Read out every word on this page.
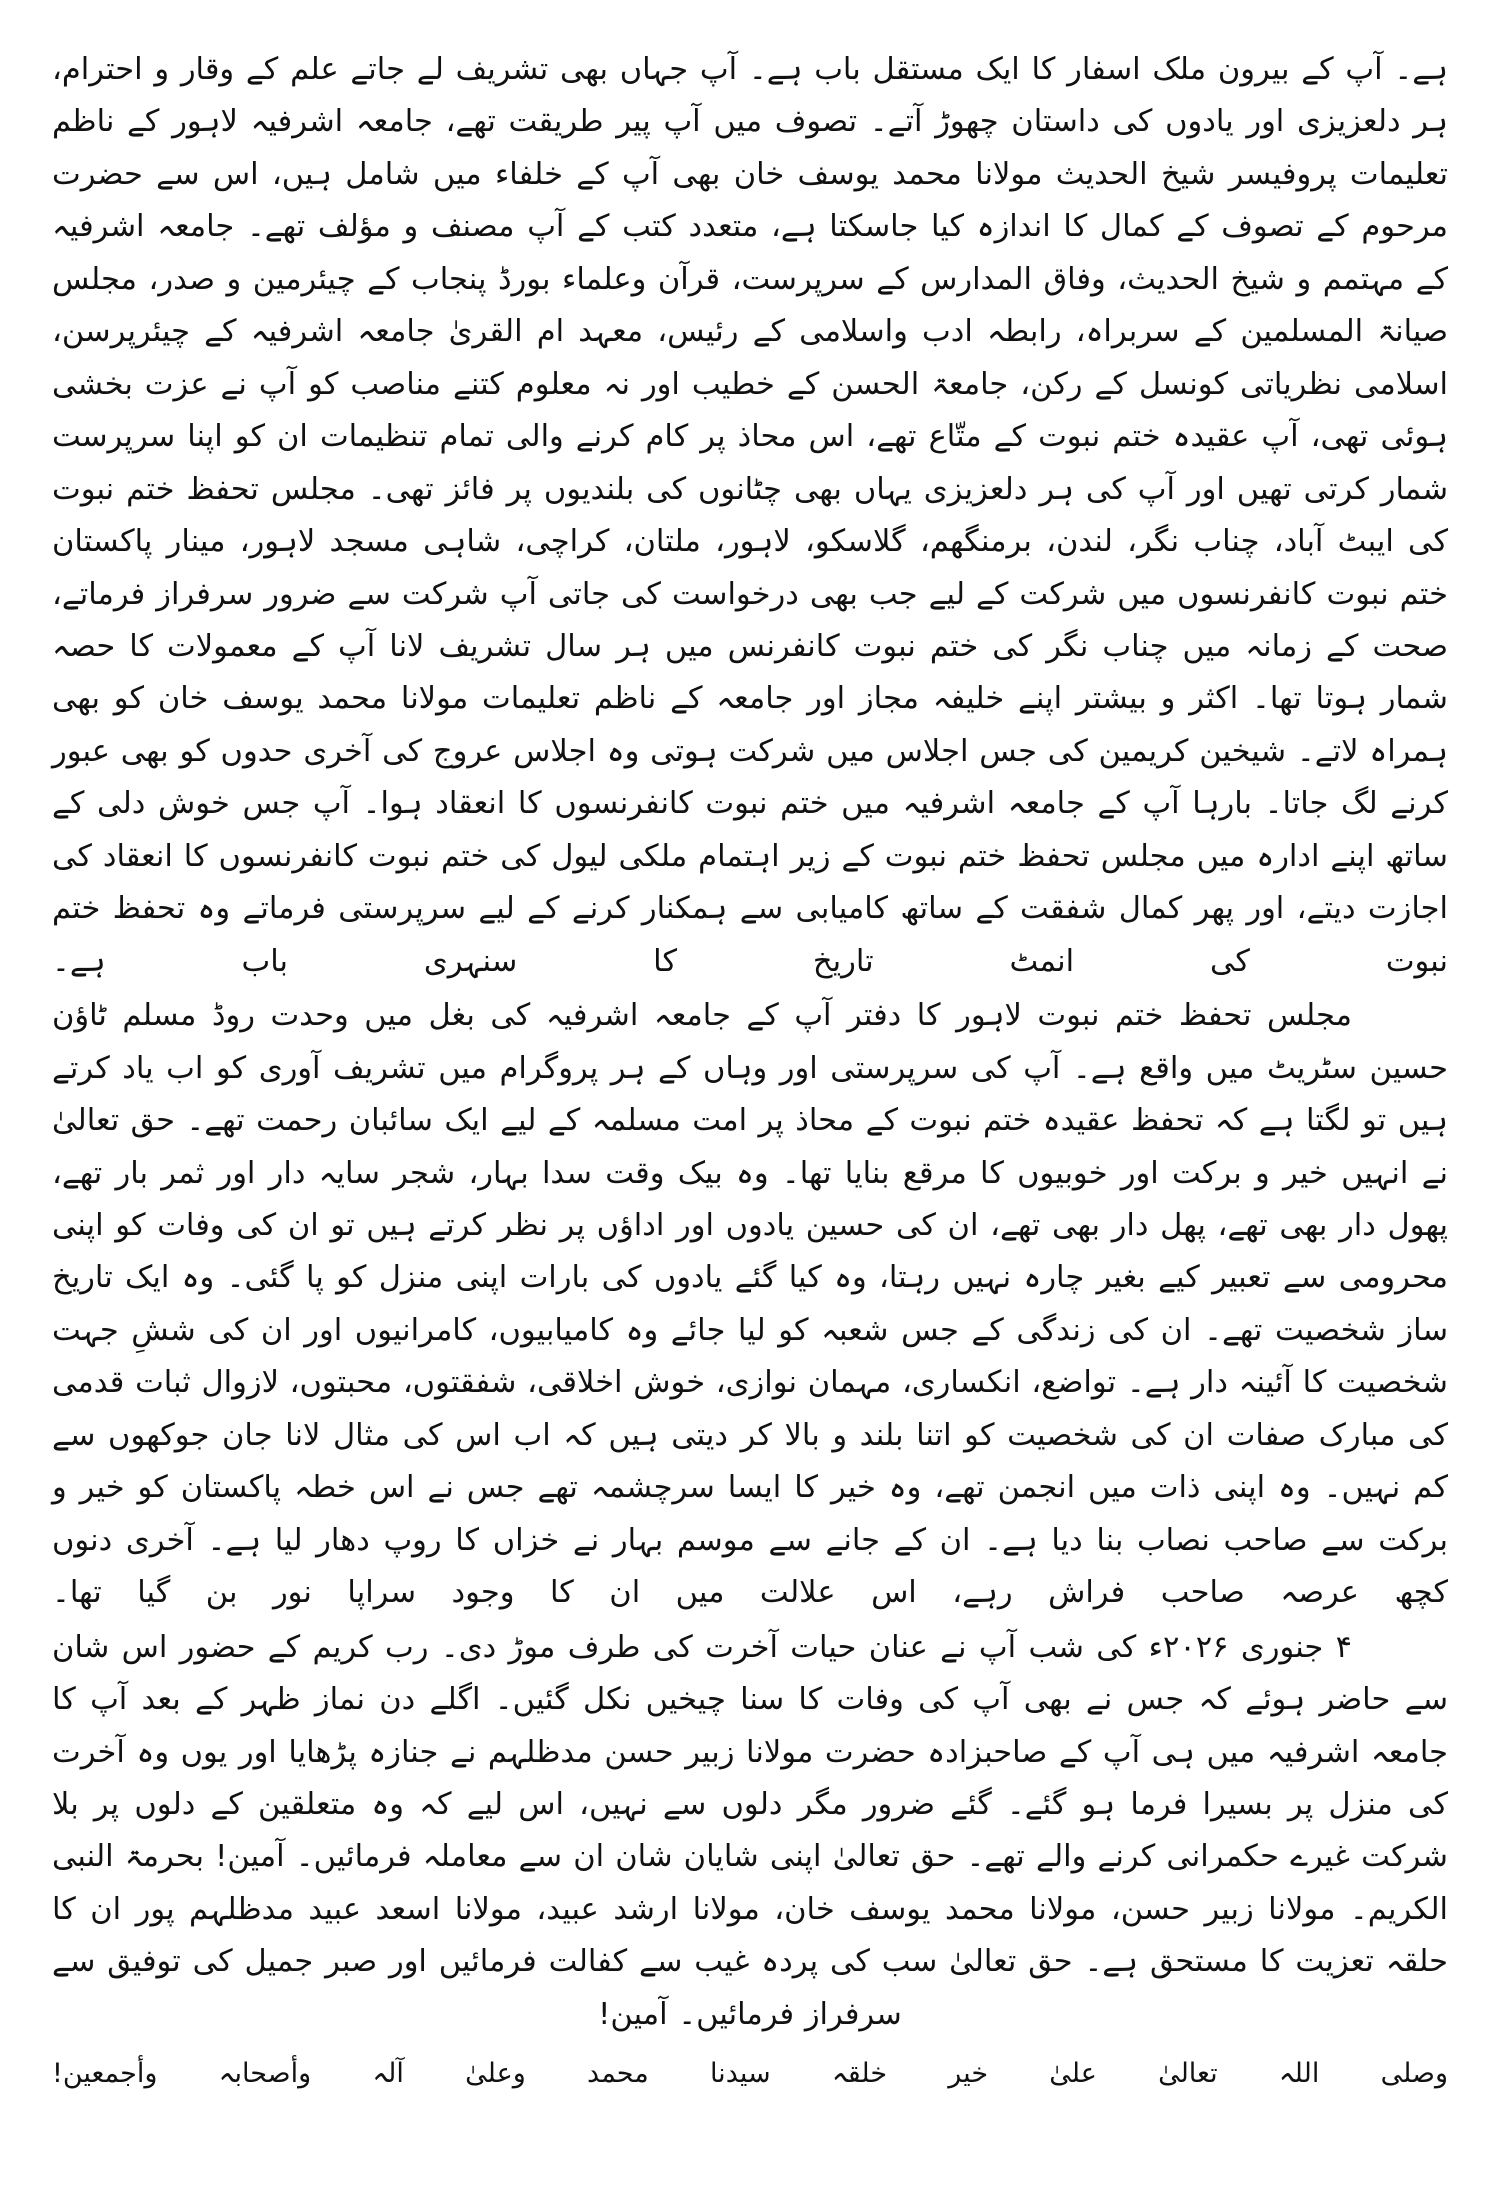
ہے۔ آپ کے بیرون ملک اسفار کا ایک مستقل باب ہے۔ آپ جہاں بھی تشریف لے جاتے علم کے وقار و احترام، ہر دلعزیزی اور یادوں کی داستان چھوڑ آتے۔ تصوف میں آپ پیر طریقت تھے، جامعہ اشرفیہ لاہور کے ناظم تعلیمات پروفیسر شیخ الحدیث مولانا محمد یوسف خان بھی آپ کے خلفاء میں شامل ہیں، اس سے حضرت مرحوم کے تصوف کے کمال کا اندازہ کیا جاسکتا ہے، متعدد کتب کے آپ مصنف و مؤلف تھے۔ جامعہ اشرفیہ کے مہتمم و شیخ الحدیث، وفاق المدارس کے سرپرست، قرآن وعلماء بورڈ پنجاب کے چیئرمین و صدر، مجلس صیانۃ المسلمین کے سربراہ، رابطہ ادب واسلامی کے رئیس، معہد ام القریٰ جامعہ اشرفیہ کے چیئرپرسن، اسلامی نظریاتی کونسل کے رکن، جامعۃ الحسن کے خطیب اور نہ معلوم کتنے مناصب کو آپ نے عزت بخشی ہوئی تھی، آپ عقیدہ ختم نبوت کے متّاع تھے، اس محاذ پر کام کرنے والی تمام تنظیمات ان کو اپنا سرپرست شمار کرتی تھیں اور آپ کی ہر دلعزیزی یہاں بھی چٹانوں کی بلندیوں پر فائز تھی۔ مجلس تحفظ ختم نبوت کی ایبٹ آباد، چناب نگر، لندن، برمنگھم، گلاسکو، لاہور، ملتان، کراچی، شاہی مسجد لاہور، مینار پاکستان ختم نبوت کانفرنسوں میں شرکت کے لیے جب بھی درخواست کی جاتی آپ شرکت سے ضرور سرفراز فرماتے، صحت کے زمانہ میں چناب نگر کی ختم نبوت کانفرنس میں ہر سال تشریف لانا آپ کے معمولات کا حصہ شمار ہوتا تھا۔ اکثر و بیشتر اپنے خلیفہ مجاز اور جامعہ کے ناظم تعلیمات مولانا محمد یوسف خان کو بھی ہمراہ لاتے۔ شیخین کریمین کی جس اجلاس میں شرکت ہوتی وہ اجلاس عروج کی آخری حدوں کو بھی عبور کرنے لگ جاتا۔ بارہا آپ کے جامعہ اشرفیہ میں ختم نبوت کانفرنسوں کا انعقاد ہوا۔ آپ جس خوش دلی کے ساتھ اپنے ادارہ میں مجلس تحفظ ختم نبوت کے زیر اہتمام ملکی لیول کی ختم نبوت کانفرنسوں کا انعقاد کی اجازت دیتے، اور پھر کمال شفقت کے ساتھ کامیابی سے ہمکنار کرنے کے لیے سرپرستی فرماتے وہ تحفظ ختم نبوت کی انمٹ تاریخ کا سنہری باب ہے۔

مجلس تحفظ ختم نبوت لاہور کا دفتر آپ کے جامعہ اشرفیہ کی بغل میں وحدت روڈ مسلم ٹاؤن حسین سٹریٹ میں واقع ہے۔ آپ کی سرپرستی اور وہاں کے ہر پروگرام میں تشریف آوری کو اب یاد کرتے ہیں تو لگتا ہے کہ تحفظ عقیدہ ختم نبوت کے محاذ پر امت مسلمہ کے لیے ایک سائبان رحمت تھے۔ حق تعالیٰ نے انہیں خیر و برکت اور خوبیوں کا مرقع بنایا تھا۔ وہ بیک وقت سدا بہار، شجر سایہ دار اور ثمر بار تھے، پھول دار بھی تھے، پھل دار بھی تھے، ان کی حسین یادوں اور اداؤں پر نظر کرتے ہیں تو ان کی وفات کو اپنی محرومی سے تعبیر کیے بغیر چارہ نہیں رہتا، وہ کیا گئے یادوں کی بارات اپنی منزل کو پا گئی۔ وہ ایک تاریخ ساز شخصیت تھے۔ ان کی زندگی کے جس شعبہ کو لیا جائے وہ کامیابیوں، کامرانیوں اور ان کی ششِ جہت شخصیت کا آئینہ دار ہے۔ تواضع، انکساری، مہمان نوازی، خوش اخلاقی، شفقتوں، محبتوں، لازوال ثبات قدمی کی مبارک صفات ان کی شخصیت کو اتنا بلند و بالا کر دیتی ہیں کہ اب اس کی مثال لانا جان جوکھوں سے کم نہیں۔ وہ اپنی ذات میں انجمن تھے، وہ خیر کا ایسا سرچشمہ تھے جس نے اس خطہ پاکستان کو خیر و برکت سے صاحب نصاب بنا دیا ہے۔ ان کے جانے سے موسم بہار نے خزاں کا روپ دھار لیا ہے۔ آخری دنوں کچھ عرصہ صاحب فراش رہے، اس علالت میں ان کا وجود سراپا نور بن گیا تھا۔

۴ جنوری ۲۰۲۶ء کی شب آپ نے عنان حیات آخرت کی طرف موڑ دی۔ رب کریم کے حضور اس شان سے حاضر ہوئے کہ جس نے بھی آپ کی وفات کا سنا چیخیں نکل گئیں۔ اگلے دن نماز ظہر کے بعد آپ کا جامعہ اشرفیہ میں ہی آپ کے صاحبزادہ حضرت مولانا زبیر حسن مدظلہم نے جنازہ پڑھایا اور یوں وہ آخرت کی منزل پر بسیرا فرما ہو گئے۔ گئے ضرور مگر دلوں سے نہیں، اس لیے کہ وہ متعلقین کے دلوں پر بلا شرکت غیرے حکمرانی کرنے والے تھے۔ حق تعالیٰ اپنی شایان شان ان سے معاملہ فرمائیں۔ آمین! بحرمۃ النبی الکریم۔ مولانا زبیر حسن، مولانا محمد یوسف خان، مولانا ارشد عبید، مولانا اسعد عبید مدظلہم پور ان کا حلقہ تعزیت کا مستحق ہے۔ حق تعالیٰ سب کی پردہ غیب سے کفالت فرمائیں اور صبر جمیل کی توفیق سے سرفراز فرمائیں۔ آمین!

وصلی اللہ تعالیٰ علیٰ خیر خلقہ سیدنا محمد وعلیٰ آلہ وأصحابہ وأجمعین!
